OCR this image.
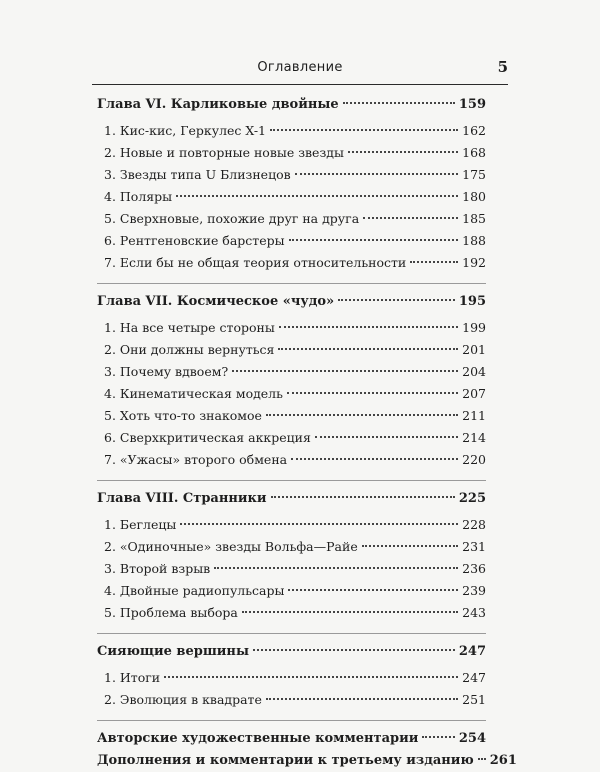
Оглавление	5
Глава VI. Карликовые двойные	159
1. Кис-кис, Геркулес X-1	162
2. Новые и повторные новые звезды	168
3. Звезды типа U Близнецов	175
4. Поляры	180
5. Сверхновые, похожие друг на друга	185
6. Рентгеновские барстеры	188
7. Если бы не общая теория относительности	192
Глава VII. Космическое «чудо»	195
1. На все четыре стороны	199
2. Они должны вернуться	201
3. Почему вдвоем?	204
4. Кинематическая модель	207
5. Хоть что-то знакомое	211
6. Сверхкритическая аккреция	214
7. «Ужасы» второго обмена	220
Глава VIII. Странники	225
1. Беглецы	228
2. «Одиночные» звезды Вольфа—Райе	231
3. Второй взрыв	236
4. Двойные радиопульсары	239
5. Проблема выбора	243
Сияющие вершины	247
1. Итоги	247
2. Эволюция в квадрате	251
Авторские художественные комментарии	254
Дополнения и комментарии к третьему изданию 261
